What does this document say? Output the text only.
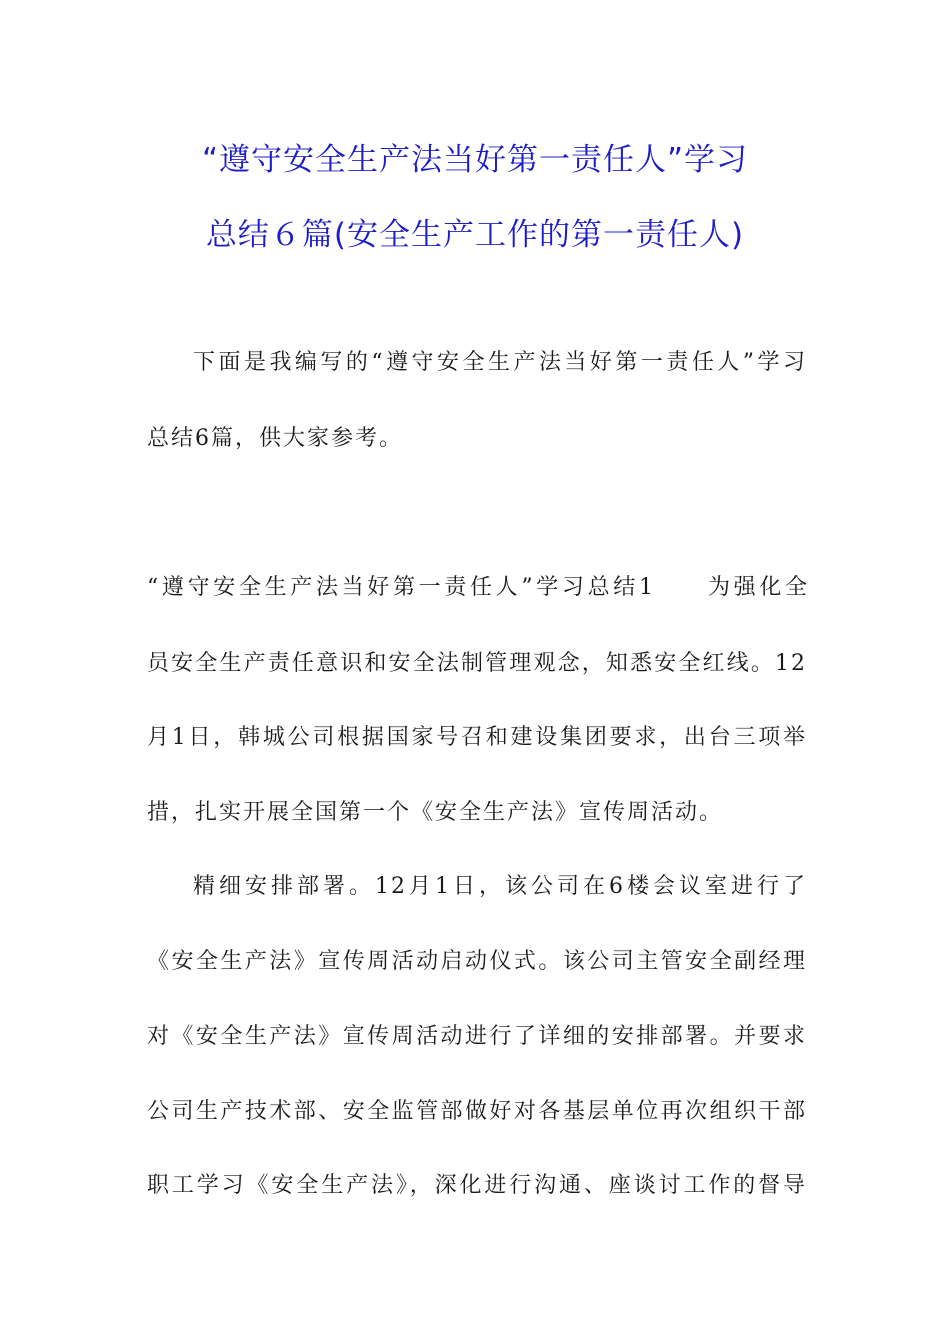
“遵守安全生产法当好第一责任人”学习
总结６篇(安全生产工作的第一责任人)
下面是我编写的“遵守安全生产法当好第一责任人”学习
总结6篇，供大家参考。
“遵守安全生产法当好第一责任人”学习总结1　　为强化全
员安全生产责任意识和安全法制管理观念，知悉安全红线。12
月1日，韩城公司根据国家号召和建设集团要求，出台三项举
措，扎实开展全国第一个《安全生产法》宣传周活动。
精细安排部署。12月1日，该公司在6楼会议室进行了
《安全生产法》宣传周活动启动仪式。该公司主管安全副经理
对《安全生产法》宣传周活动进行了详细的安排部署。并要求
公司生产技术部、安全监管部做好对各基层单位再次组织干部
职工学习《安全生产法》，深化进行沟通、座谈讨工作的督导
